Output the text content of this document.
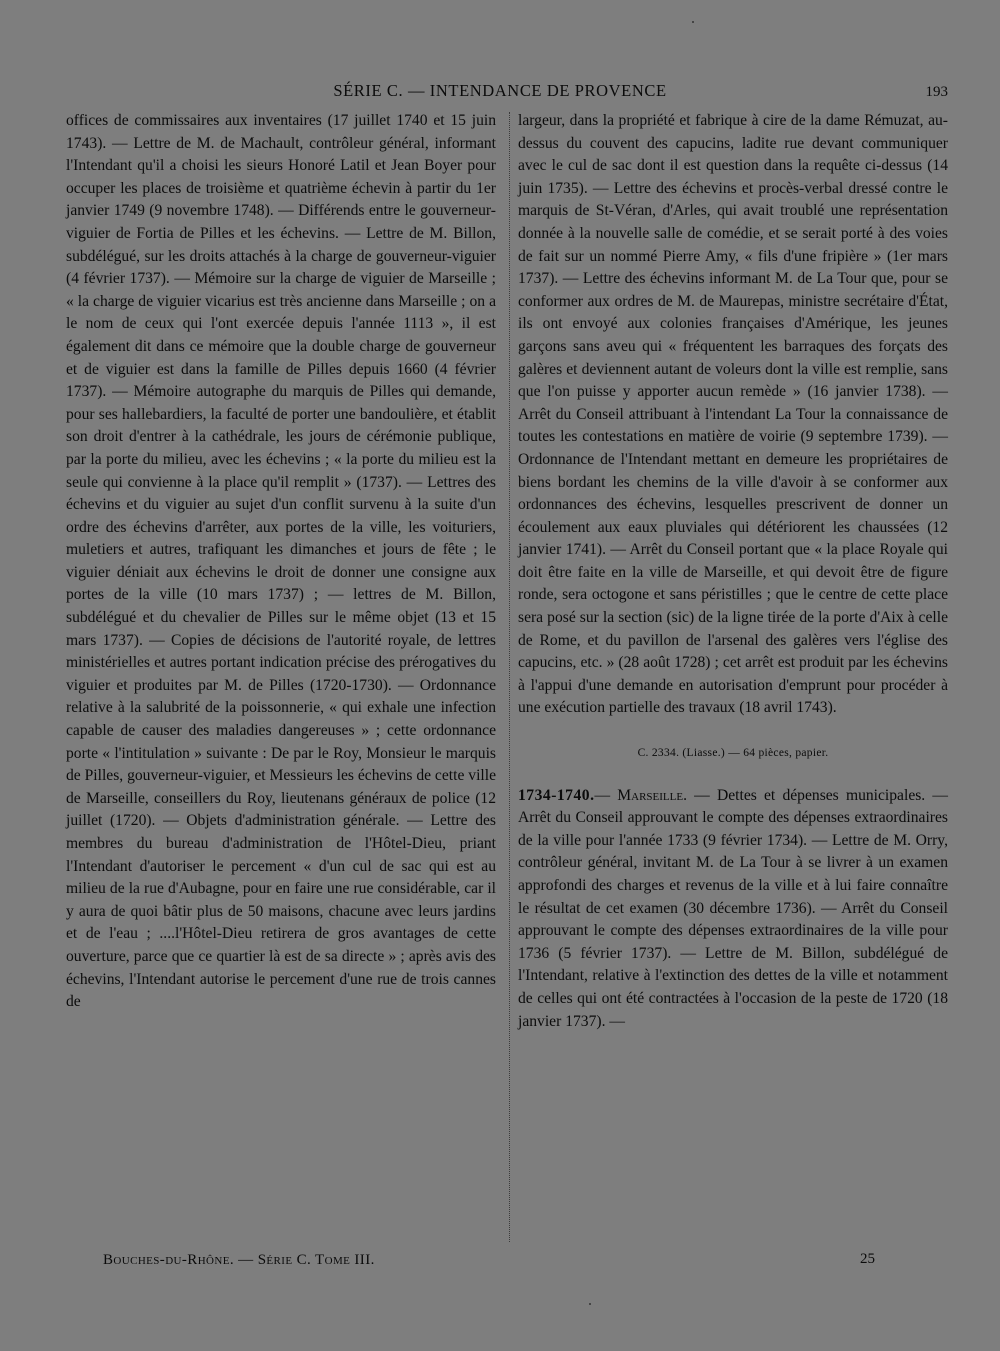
SÉRIE C. — INTENDANCE DE PROVENCE	193

offices de commissaires aux inventaires (17 juillet 1740 et 15 juin 1743). — Lettre de M. de Machault, contrôleur général, informant l'Intendant qu'il a choisi les sieurs Honoré Latil et Jean Boyer pour occuper les places de troisième et quatrième échevin à partir du 1er janvier 1749 (9 novembre 1748). — Différends entre le gouverneur-viguier de Fortia de Pilles et les échevins. — Lettre de M. Billon, subdélégué, sur les droits attachés à la charge de gouverneur-viguier (4 février 1737). — Mémoire sur la charge de viguier de Marseille ; « la charge de viguier vicarius est très ancienne dans Marseille ; on a le nom de ceux qui l'ont exercée depuis l'année 1113 », il est également dit dans ce mémoire que la double charge de gouverneur et de viguier est dans la famille de Pilles depuis 1660 (4 février 1737). — Mémoire autographe du marquis de Pilles qui demande, pour ses hallebardiers, la faculté de porter une bandoulière, et établit son droit d'entrer à la cathédrale, les jours de cérémonie publique, par la porte du milieu, avec les échevins ; « la porte du milieu est la seule qui convienne à la place qu'il remplit » (1737). — Lettres des échevins et du viguier au sujet d'un conflit survenu à la suite d'un ordre des échevins d'arrêter, aux portes de la ville, les voituriers, muletiers et autres, trafiquant les dimanches et jours de fête ; le viguier déniait aux échevins le droit de donner une consigne aux portes de la ville (10 mars 1737) ; — lettres de M. Billon, subdélégué et du chevalier de Pilles sur le même objet (13 et 15 mars 1737). — Copies de décisions de l'autorité royale, de lettres ministérielles et autres portant indication précise des prérogatives du viguier et produites par M. de Pilles (1720-1730). — Ordonnance relative à la salubrité de la poissonnerie, « qui exhale une infection capable de causer des maladies dangereuses » ; cette ordonnance porte « l'intitulation » suivante : De par le Roy, Monsieur le marquis de Pilles, gouverneur-viguier, et Messieurs les échevins de cette ville de Marseille, conseillers du Roy, lieutenans généraux de police (12 juillet (1720). — Objets d'administration générale. — Lettre des membres du bureau d'administration de l'Hôtel-Dieu, priant l'Intendant d'autoriser le percement « d'un cul de sac qui est au milieu de la rue d'Aubagne, pour en faire une rue considérable, car il y aura de quoi bâtir plus de 50 maisons, chacune avec leurs jardins et de l'eau ; ....l'Hôtel-Dieu retirera de gros avantages de cette ouverture, parce que ce quartier là est de sa directe » ; après avis des échevins, l'Intendant autorise le percement d'une rue de trois cannes de

largeur, dans la propriété et fabrique à cire de la dame Rémuzat, au-dessus du couvent des capucins, ladite rue devant communiquer avec le cul de sac dont il est question dans la requête ci-dessus (14 juin 1735). — Lettre des échevins et procès-verbal dressé contre le marquis de St-Véran, d'Arles, qui avait troublé une représentation donnée à la nouvelle salle de comédie, et se serait porté à des voies de fait sur un nommé Pierre Amy, « fils d'une fripière » (1er mars 1737). — Lettre des échevins informant M. de La Tour que, pour se conformer aux ordres de M. de Maurepas, ministre secrétaire d'État, ils ont envoyé aux colonies françaises d'Amérique, les jeunes garçons sans aveu qui « fréquentent les barraques des forçats des galères et deviennent autant de voleurs dont la ville est remplie, sans que l'on puisse y apporter aucun remède » (16 janvier 1738). — Arrêt du Conseil attribuant à l'intendant La Tour la connaissance de toutes les contestations en matière de voirie (9 septembre 1739). — Ordonnance de l'Intendant mettant en demeure les propriétaires de biens bordant les chemins de la ville d'avoir à se conformer aux ordonnances des échevins, lesquelles prescrivent de donner un écoulement aux eaux pluviales qui détériorent les chaussées (12 janvier 1741). — Arrêt du Conseil portant que « la place Royale qui doit être faite en la ville de Marseille, et qui devoit être de figure ronde, sera octogone et sans péristilles ; que le centre de cette place sera posé sur la section (sic) de la ligne tirée de la porte d'Aix à celle de Rome, et du pavillon de l'arsenal des galères vers l'église des capucins, etc. » (28 août 1728) ; cet arrêt est produit par les échevins à l'appui d'une demande en autorisation d'emprunt pour procéder à une exécution partielle des travaux (18 avril 1743).

C. 2334. (Liasse.) — 64 pièces, papier.

1734-1740.— Marseille. — Dettes et dépenses municipales. — Arrêt du Conseil approuvant le compte des dépenses extraordinaires de la ville pour l'année 1733 (9 février 1734). — Lettre de M. Orry, contrôleur général, invitant M. de La Tour à se livrer à un examen approfondi des charges et revenus de la ville et à lui faire connaître le résultat de cet examen (30 décembre 1736). — Arrêt du Conseil approuvant le compte des dépenses extraordinaires de la ville pour 1736 (5 février 1737). — Lettre de M. Billon, subdélégué de l'Intendant, relative à l'extinction des dettes de la ville et notamment de celles qui ont été contractées à l'occasion de la peste de 1720 (18 janvier 1737). —

Bouches-du-Rhône. — Série C. Tome III.	25
